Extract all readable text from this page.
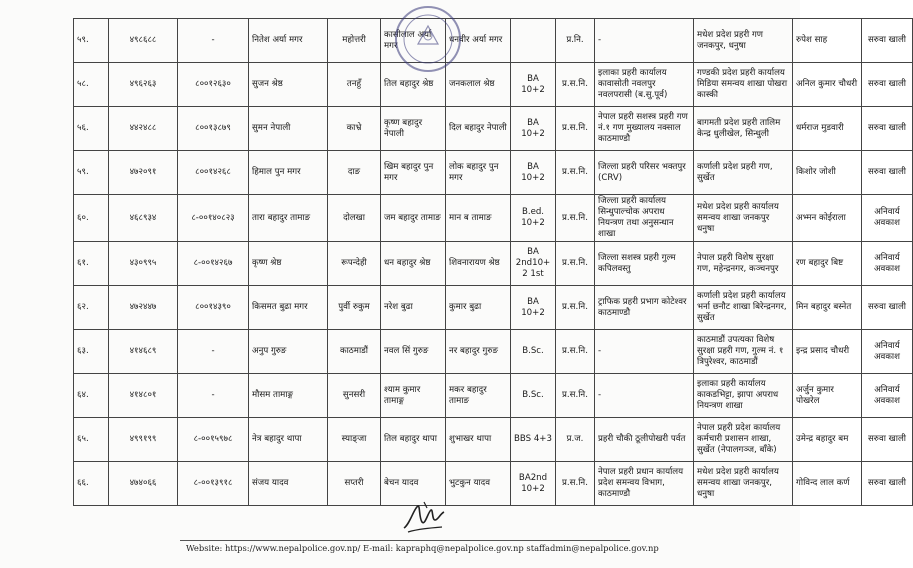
५९.	४९८६८८	-	नितेश अर्या मगर	महोत्तरी	कासीलाल अर्या मगर	धनवीर अर्या मगर		प्र.नि.	-	मधेश प्रदेश प्रहरी गण जनकपुर, धनुषा	रुपेश साह	सरुवा खाली
५८.	४९६२६३	८००१२६३०	सुजन श्रेष्ठ	तनहुँ	तिल बहादुर श्रेष्ठ	जनकलाल श्रेष्ठ	BA 10+2	प्र.स.नि.	इलाका प्रहरी कार्यालय कावासोती नवलपुर नवलपरासी (ब.सु.पूर्व)	गण्डकी प्रदेश प्रहरी कार्यालय मिडिया समन्वय शाखा पोखरा कास्की	अनिल कुमार चौधरी	सरुवा खाली
५६.	४४२४८८	८००१३८७९	सुमन नेपाली	काभ्रे	कृष्ण बहादुर नेपाली	दिल बहादुर नेपाली	BA 10+2	प्र.स.नि.	नेपाल प्रहरी सशस्त्र प्रहरी गण नं.१ गण मुख्यालय नक्साल काठमाण्डौ	बागमती प्रदेश प्रहरी तालिम केन्द्र धुलीखेल, सिन्धुली	धर्मराज मुडवारी	सरुवा खाली
५९.	४७२०९१	८००१४२६८	हिमाल पुन मगर	दाङ	खिम बहादुर पुन मगर	लोक बहादुर पुन मगर	BA 10+2	प्र.स.नि.	जिल्ला प्रहरी परिसर भक्तपुर (CRV)	कर्णाली प्रदेश प्रहरी गण, सुर्खेत	किशोर जोशी	सरुवा खाली
६०.	४६८९३४	८-००१४०८२३	तारा बहादुर तामाङ	दोलखा	जम बहादुर तामाङ	मान ब तामाङ	B.ed. 10+2	प्र.स.नि.	जिल्ला प्रहरी कार्यालय सिन्धुपाल्चोक अपराध नियन्त्रण तथा अनुसन्धान शाखा	मधेश प्रदेश प्रहरी कार्यालय समन्वय शाखा जनकपुर धनुषा	अभ्मन कोईराला	अनिवार्य अवकाश
६१.	४३०९९५	८-००१४२६७	कृष्ण श्रेष्ठ	रूपन्देही	धन बहादुर श्रेष्ठ	शिवनारायण श्रेष्ठ	BA 2nd10+2 1st	प्र.स.नि.	जिल्ला सशस्त्र प्रहरी गुल्म कपिलवस्तु	नेपाल प्रहरी विशेष सुरक्षा गण, महेन्द्रनगर, कञ्चनपुर	रण बहादुर बिष्ट	अनिवार्य अवकाश
६२.	४७२४४७	८००१४३९०	किसमत बुढा मगर	पुर्वी रुकुम	नरेश बुढा	कुमार बुढा	BA 10+2	प्र.स.नि.	ट्राफिक प्रहरी प्रभाग कोटेश्वर काठमाण्डौ	कर्णाली प्रदेश प्रहरी कार्यालय भर्ना छनौट शाखा बिरेन्द्रनगर, सुर्खेत	मिन बहादुर बस्नेत	सरुवा खाली
६३.	४१४६८९	-	अनुप गुरुङ	काठमाडौं	नवल सिं गुरुङ	नर बहादुर गुरुङ	B.Sc.	प्र.स.नि.	-	काठमाडौं उपत्यका विशेष सुरक्षा प्रहरी गण, गुल्म नं. १ त्रिपुरेश्वर, काठमाडौं	इन्द्र प्रसाद चौधरी	अनिवार्य अवकाश
६४.	४१४८०१	-	मौसम तामाङ्ग	सुनसरी	श्याम कुमार तामाङ्ग	मकर बहादुर तामाङ	B.Sc.	प्र.स.नि.	-	इलाका प्रहरी कार्यालय काकडभिट्टा, झापा अपराध नियन्त्रण शाखा	अर्जुन कुमार पोखरेल	अनिवार्य अवकाश
६५.	४९९१९९	८-००१५९७८	नेत्र बहादुर थापा	स्याङ्जा	तिल बहादुर थापा	शुभाखर थापा	BBS 4+3	प्र.ज.	प्रहरी चौकी ठूलीपोखरी पर्वत	नेपाल प्रहरी प्रदेश कार्यालय कर्मचारी प्रशासन शाखा, सुर्खेत (नेपालगञ्ज, बाँके)	उमेन्द्र बहादुर बम	सरुवा खाली
६६.	४७४०६६	८-००१३९१८	संजय यादव	सप्तरी	बेचन यादव	भुटकुन यादव	BA2nd 10+2	प्र.स.नि.	नेपाल प्रहरी प्रधान कार्यालय प्रदेश समन्वय विभाग, काठमाण्डौ	मधेश प्रदेश प्रहरी कार्यालय समन्वय शाखा जनकपुर, धनुषा	गोविन्द लाल कर्ण	सरुवा खाली
Website: https://www.nepalpolice.gov.np/ E-mail: kapraphq@nepalpolice.gov.np staffadmin@nepalpolice.gov.np
